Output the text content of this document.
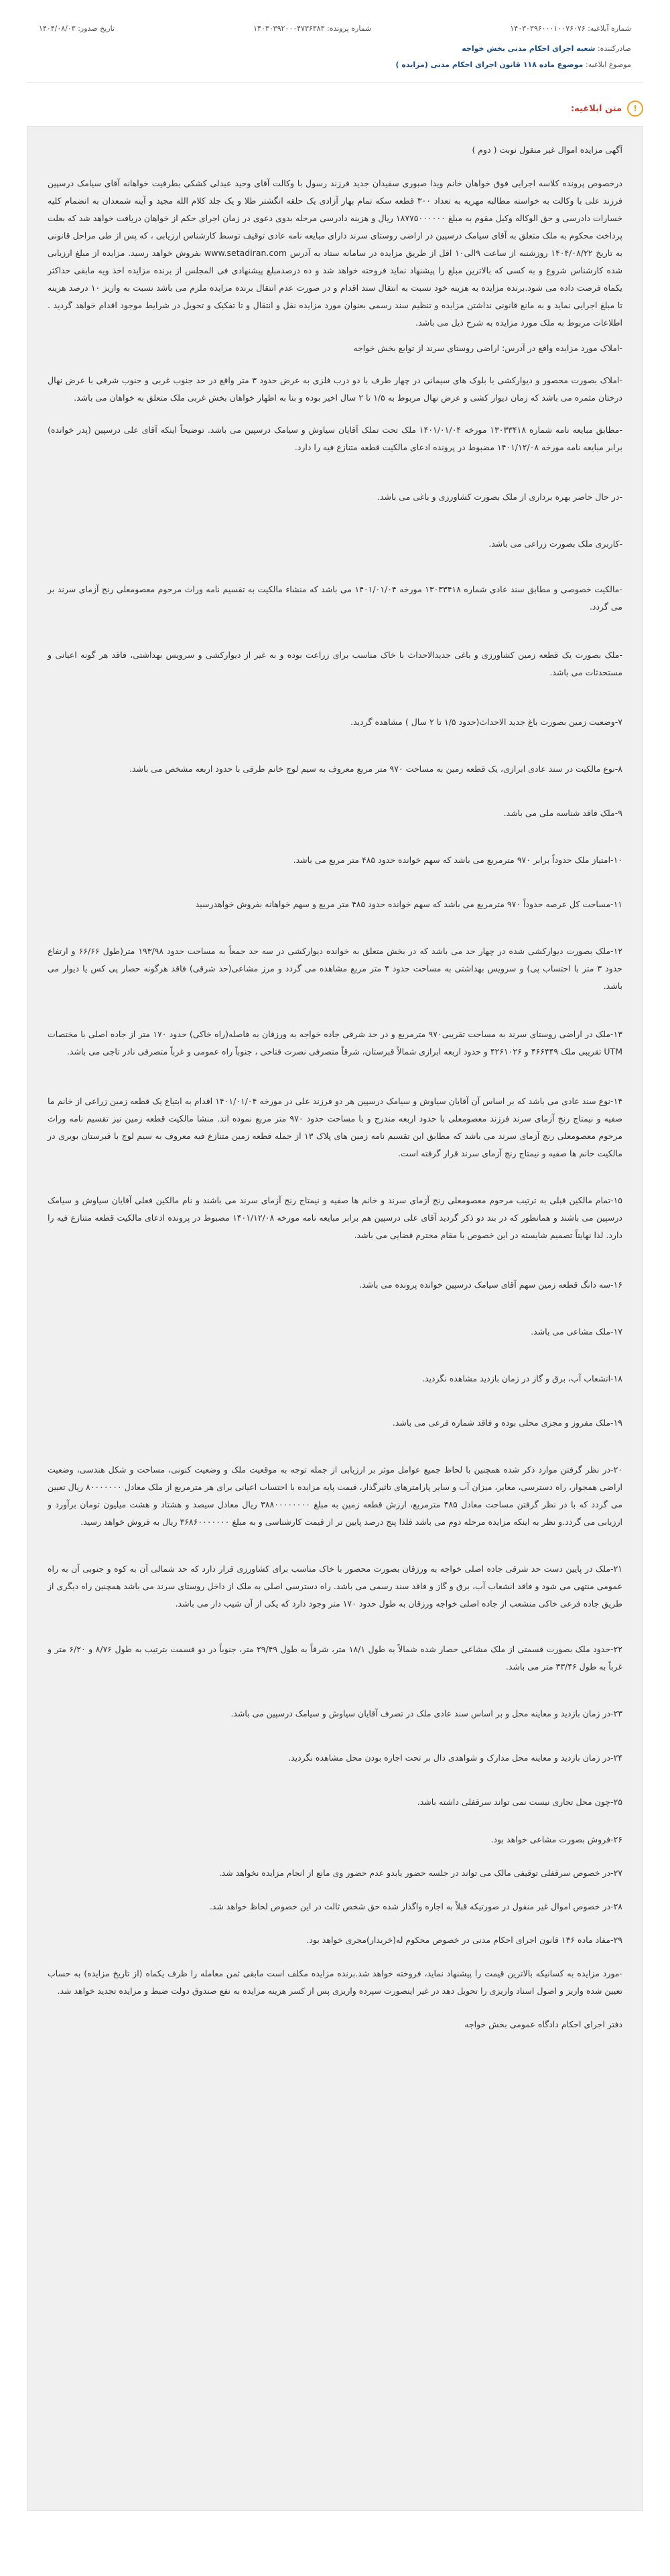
شماره آبلاغیه: ۱۴۰۳۰۳۹۶۰۰۰۱۰۰۷۶۰۷۶
شماره پرونده: ۱۴۰۳۰۳۹۲۰۰۰۴۷۳۶۳۸۳
تاریخ صدور: ۱۴۰۴/۰۸/۰۳
صادرکننده: شعبه اجرای احکام مدنی بخش خواجه
موضوع ابلاغیه: موضوع ماده ۱۱۸ قانون اجرای احکام مدنی (مزایده )
!
متن ابلاغیه:

آگهی مزایده اموال غیر منقول نوبت ( دوم )

درخصوص پرونده کلاسه اجرایی فوق خواهان خانم ویدا صبوری سفیدان جدید فرزند رسول با وکالت آقای وحید عبدلی کشکی بطرفیت خواهانه آقای سیامک درسپین فرزند علی با وکالت به خواسته مطالبه مهریه به تعداد ۳۰۰ قطعه سکه تمام بهار آزادی یک حلقه انگشتر طلا و یک جلد کلام الله مجید و آینه شمعدان به انضمام کلیه خسارات دادرسی و حق الوکاله وکیل مقوم به مبلغ ۱۸۷۷۵۰۰۰۰۰۰ ریال و هزینه دادرسی مرحله بدوی دعوی در زمان اجرای حکم از خواهان دریافت خواهد شد که بعلت پرداخت محکوم به ملک متعلق به آقای سیامک درسپین در اراضی روستای سرند دارای مبایعه نامه عادی توقیف توسط کارشناس ارزیابی ، که پس از طی مراحل قانونی به تاریخ ۱۴۰۴/۰۸/۲۲ روزشنبه از ساعت ۹الی۱۰ اقل از طریق مزایده در سامانه ستاد به آدرس www.setadiran.com بفروش خواهد رسید. مزایده از مبلغ ارزیابی شده کارشناس شروع و به کسی که بالاترین مبلغ را پیشنهاد نماید فروخته خواهد شد و ده درصدمبلغ پیشنهادی فی المجلس از برنده مزایده اخذ ویه مابقی حداکثر یکماه فرصت داده می شود.برنده مزایده به هزینه خود نسبت به انتقال سند اقدام و در صورت عدم انتقال برنده مزایده ملزم می باشد نسبت به واریز ۱۰ درصد هزینه تا مبلغ اجرایی نماید و به مانع قانونی نداشتن مزایده و تنظیم سند رسمی بعنوان مورد مزایده نقل و انتقال و تا تفکیک و تحویل در شرایط موجود اقدام خواهد گردید . اطلاعات مربوط به ملک مورد مزایده به شرح ذیل می باشد.

-املاک مورد مزایده واقع در آدرس: اراضی روستای سرند از توابع بخش خواجه

-املاک بصورت محصور و دیوارکشی با بلوک های سیمانی در چهار طرف با دو درب فلزی به عرض حدود ۳ متر واقع در حد جنوب غربی و جنوب شرقی با عرض نهال درختان مثمره می باشد که زمان دیوار کشی و عرض نهال مربوط به ۱/۵ تا ۲ سال اخیر بوده و بنا به اظهار خواهان بخش غربی ملک متعلق به خواهان می باشد.

-مطابق مبایعه نامه شماره ۱۳۰۳۳۴۱۸ مورخه ۱۴۰۱/۰۱/۰۴ ملک تحت تملک آقایان سیاوش و سیامک درسپین می باشد. توضیحاً اینکه آقای علی درسپین (پدر خوانده) برابر مبایعه نامه مورخه ۱۴۰۱/۱۲/۰۸ مضبوط در پرونده ادعای مالکیت قطعه متنازع فیه را دارد.

-در حال حاضر بهره برداری از ملک بصورت کشاورزی و باغی می باشد.

-کاربری ملک بصورت زراعی می باشد.

-مالکیت خصوصی و مطابق سند عادی شماره ۱۳۰۳۳۴۱۸ مورخه ۱۴۰۱/۰۱/۰۴ می باشد که منشاء مالکیت به تقسیم نامه وراث مرحوم معصومعلی رنج آزمای سرند بر می گردد.

-ملک بصورت یک قطعه زمین کشاورزی و باغی جدیدالاحداث با خاک مناسب برای زراعت بوده و به غیر از دیوارکشی و سرویس بهداشتی، فاقد هر گونه اعیانی و مستحدثات می باشد.

۷-وضعیت زمین بصورت باغ جدید الاحداث(حدود ۱/۵ تا ۲ سال ) مشاهده گردید.

۸-نوع مالکیت در سند عادی ابرازی، یک قطعه زمین به مساحت ۹۷۰ متر مربع معروف به سیم لوچ خانم طرفی با حدود اربعه مشخص می باشد.

۹-ملک فاقد شناسه ملی می باشد.

۱۰-امتیاز ملک حدوداً برابر ۹۷۰ مترمربع می باشد که سهم خوانده حدود ۴۸۵ متر مربع می باشد.

۱۱-مساحت کل عرصه حدوداً ۹۷۰ مترمربع می باشد که سهم خوانده حدود ۴۸۵ متر مربع و سهم خواهانه بفروش خواهدرسید

۱۲-ملک بصورت دیوارکشی شده در چهار حد می باشد که در بخش متعلق به خوانده دیوارکشی در سه حد جمعاً به مساحت حدود ۱۹۳/۹۸ متر(طول ۶۶/۶۶ و ارتفاع حدود ۳ متر با احتساب پی) و سرویس بهداشتی به مساحت حدود ۴ متر مربع مشاهده می گردد و مرز مشاعی(حد شرقی) فاقد هرگونه حصار پی کس یا دیوار می باشد.

۱۳-ملک در اراضی روستای سرند به مساحت تقریبی۹۷۰ مترمربع و در حد شرقی جاده خواجه به ورزقان به فاصله(راه خاکی) حدود ۱۷۰ متر از جاده اصلی با مختصات UTM تقریبی ملک ۴۶۶۴۴۹ و ۴۲۶۱۰۲۶ و حدود اربعه ابرازی شمالاً قبرستان، شرقاً متصرفی نصرت فتاحی ، جنوباً راه عمومی و غرباً متصرفی نادر تاجی می باشد.

۱۴-نوع سند عادی می باشد که بر اساس آن آقایان سیاوش و سیامک درسپین هر دو فرزند علی در مورخه ۱۴۰۱/۰۱/۰۴ اقدام به ابتیاع یک قطعه زمین زراعی از خانم ما صفیه و نیمتاج رنج آزمای سرند فرزند معصومعلی با حدود اربعه مندرج و با مساحت حدود ۹۷۰ متر مربع نموده اند. منشا مالکیت قطعه زمین نیز تقسیم نامه وراث مرحوم معصومعلی رنج آزمای سرند می باشد که مطابق این تقسیم نامه زمین های پلاک ۱۳ از جمله قطعه زمین متنازع فیه معروف به سیم لوچ با قبرستان بویری در مالکیت خانم ها صفیه و نیمتاج رنج آزمای سرند قرار گرفته است.

۱۵-تمام مالکین قبلی به ترتیب مرحوم معصومعلی رنج آزمای سرند و خانم ها صفیه و نیمتاج رنج آزمای سرند می باشند و نام مالکین فعلی آقایان سیاوش و سیامک درسپین می باشند و همانطور که در بند دو ذکر گردید آقای علی درسپین هم برابر مبایعه نامه مورخه ۱۴۰۱/۱۲/۰۸ مضبوط در پرونده ادعای مالکیت قطعه متنازع فیه را دارد. لذا نهایتاً تصمیم شایسته در این خصوص با مقام محترم قضایی می باشد.

۱۶-سه دانگ قطعه زمین سهم آقای سیامک درسپین خوانده پرونده می باشد.

۱۷-ملک مشاعی می باشد.

۱۸-انشعاب آب، برق و گاز در زمان بازدید مشاهده نگردید.

۱۹-ملک مفروز و مجزی محلی بوده و فاقد شماره فرعی می باشد.

۲۰-در نظر گرفتن موارد ذکر شده همچنین با لحاظ جمیع عوامل موثر بر ارزیابی از جمله توجه به موقعیت ملک و وضعیت کنونی، مساحت و شکل هندسی، وضعیت اراضی همجوار، راه دسترسی، معابر، میزان آب و سایر پارامترهای تاثیرگذار، قیمت پایه مزایده با احتساب اعیانی برای هر مترمربع از ملک معادل ۸۰۰۰۰۰۰۰ ریال تعیین می گردد که با در نظر گرفتن مساحت معادل ۴۸۵ مترمربع، ارزش قطعه زمین به مبلغ ۳۸۸۰۰۰۰۰۰۰۰ ریال معادل سیصد و هشتاد و هشت میلیون تومان برآورد و ارزیابی می گردد.و نظر به اینکه مزایده مرحله دوم می باشد فلذا پنج درصد پایین تر از قیمت کارشناسی و به مبلغ ۳۶۸۶۰۰۰۰۰۰۰ ریال به فروش خواهد رسید.

۲۱-ملک در پایین دست حد شرقی جاده اصلی خواجه به ورزقان بصورت محصور با خاک مناسب برای کشاورزی قرار دارد که حد شمالی آن به کوه و جنوبی آن به راه عمومی منتهی می شود و فاقد انشعاب آب، برق و گاز و فاقد سند رسمی می باشد. راه دسترسی اصلی به ملک از داخل روستای سرند می باشد همچنین راه دیگری از طریق جاده فرعی خاکی منشعب از جاده اصلی خواجه ورزقان به طول حدود ۱۷۰ متر وجود دارد که یکی از آن شیب دار می باشد.

۲۲-حدود ملک بصورت قسمتی از ملک مشاعی حصار شده شمالاً به طول ۱۸/۱ متر، شرقاً به طول ۲۹/۴۹ متر، جنوباً در دو قسمت بترتیب به طول ۸/۷۶ و ۶/۲۰ متر و غرباً به طول ۳۳/۴۶ متر می باشد.

۲۳-در زمان بازدید و معاینه محل و بر اساس سند عادی ملک در تصرف آقایان سیاوش و سیامک درسپین می باشد.

۲۴-در زمان بازدید و معاینه محل مدارک و شواهدی دال بر تحت اجاره بودن محل مشاهده نگردید.

۲۵-چون محل تجاری نیست نمی تواند سرقفلی داشته باشد.

۲۶-فروش بصورت مشاعی خواهد بود.

۲۷-در خصوص سرقفلی توقیفی مالک می تواند در جلسه حضور یابدو عدم حضور وی مانع از انجام مزایده نخواهد شد.

۲۸-در خصوص اموال غیر منقول در صورتیکه قبلاً به اجاره واگذار شده حق شخص ثالث در این خصوص لحاظ خواهد شد.

۲۹-مفاد ماده ۱۳۶ قانون اجرای احکام مدنی در خصوص محکوم له(خریدار)مجری خواهد بود.

-مورد مزایده به کسانیکه بالاترین قیمت را پیشنهاد نماید، فروخته خواهد شد.برنده مزایده مکلف است مابقی ثمن معامله را ظرف یکماه (از تاریخ مزایده) به حساب تعیین شده واریز و اصول اسناد واریزی را تحویل دهد در غیر اینصورت سپرده واریزی پس از کسر هزینه مزایده به نفع صندوق دولت ضبط و مزایده تجدید خواهد شد.

دفتر اجرای احکام دادگاه عمومی بخش خواجه
